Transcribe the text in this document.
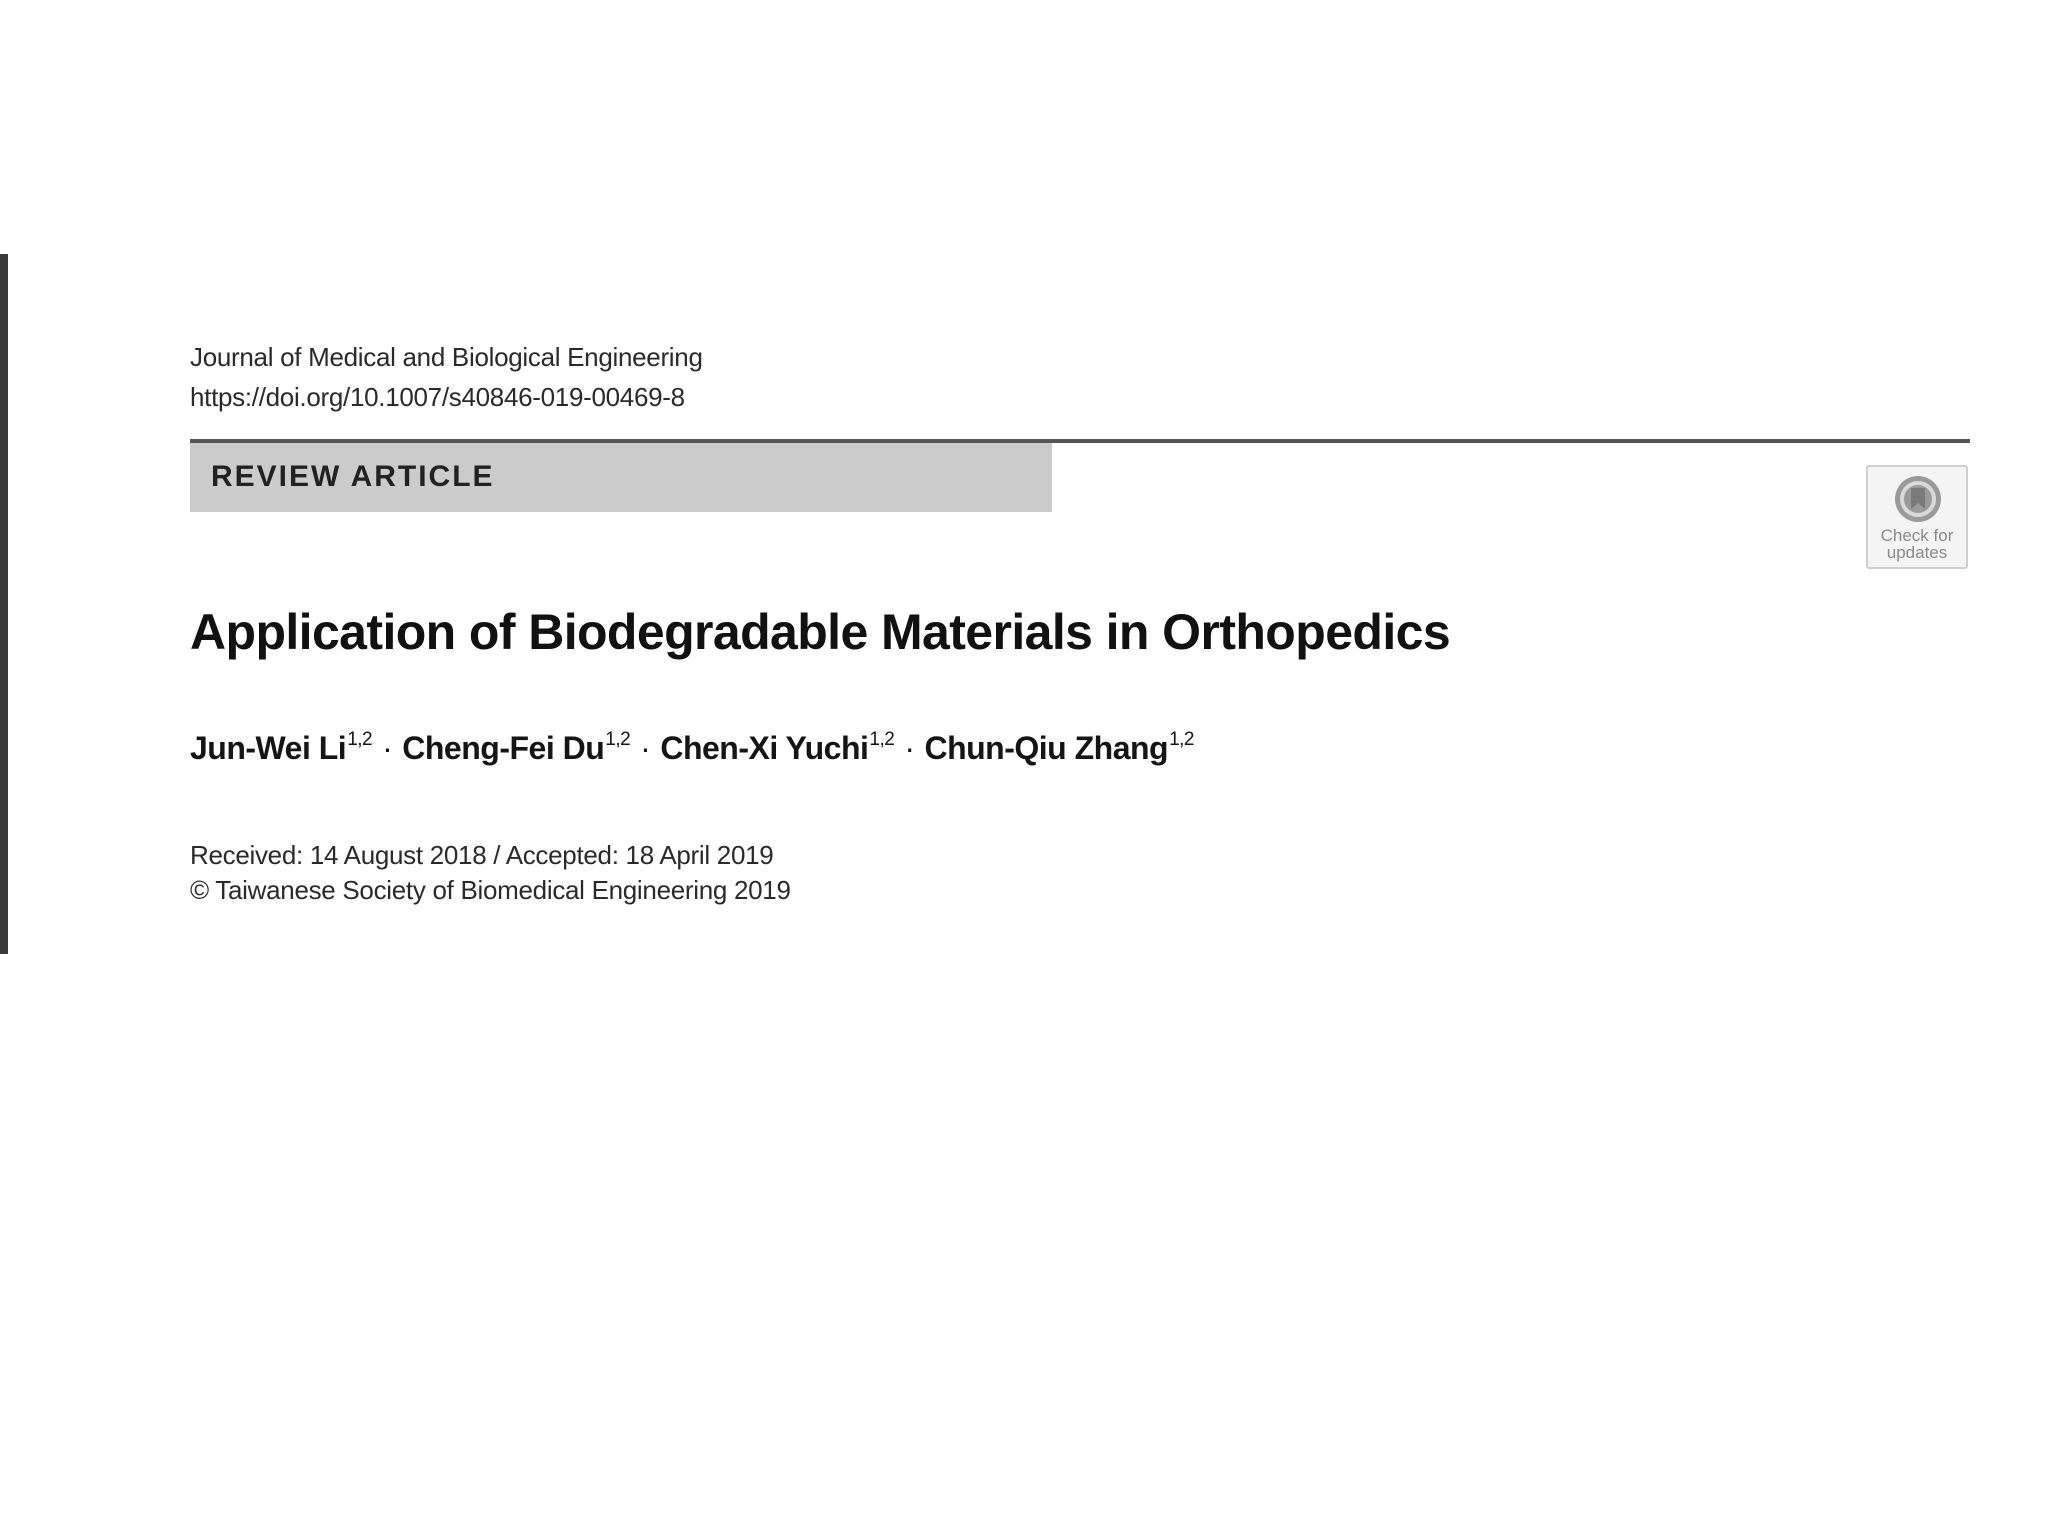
Journal of Medical and Biological Engineering
https://doi.org/10.1007/s40846-019-00469-8
REVIEW ARTICLE
Check for
updates
Application of Biodegradable Materials in Orthopedics
Jun-Wei Li$^{1,2}$ · Cheng-Fei Du$^{1,2}$ · Chen-Xi Yuchi$^{1,2}$ · Chun-Qiu Zhang$^{1,2}$
Received: 14 August 2018 / Accepted: 18 April 2019
© Taiwanese Society of Biomedical Engineering 2019
